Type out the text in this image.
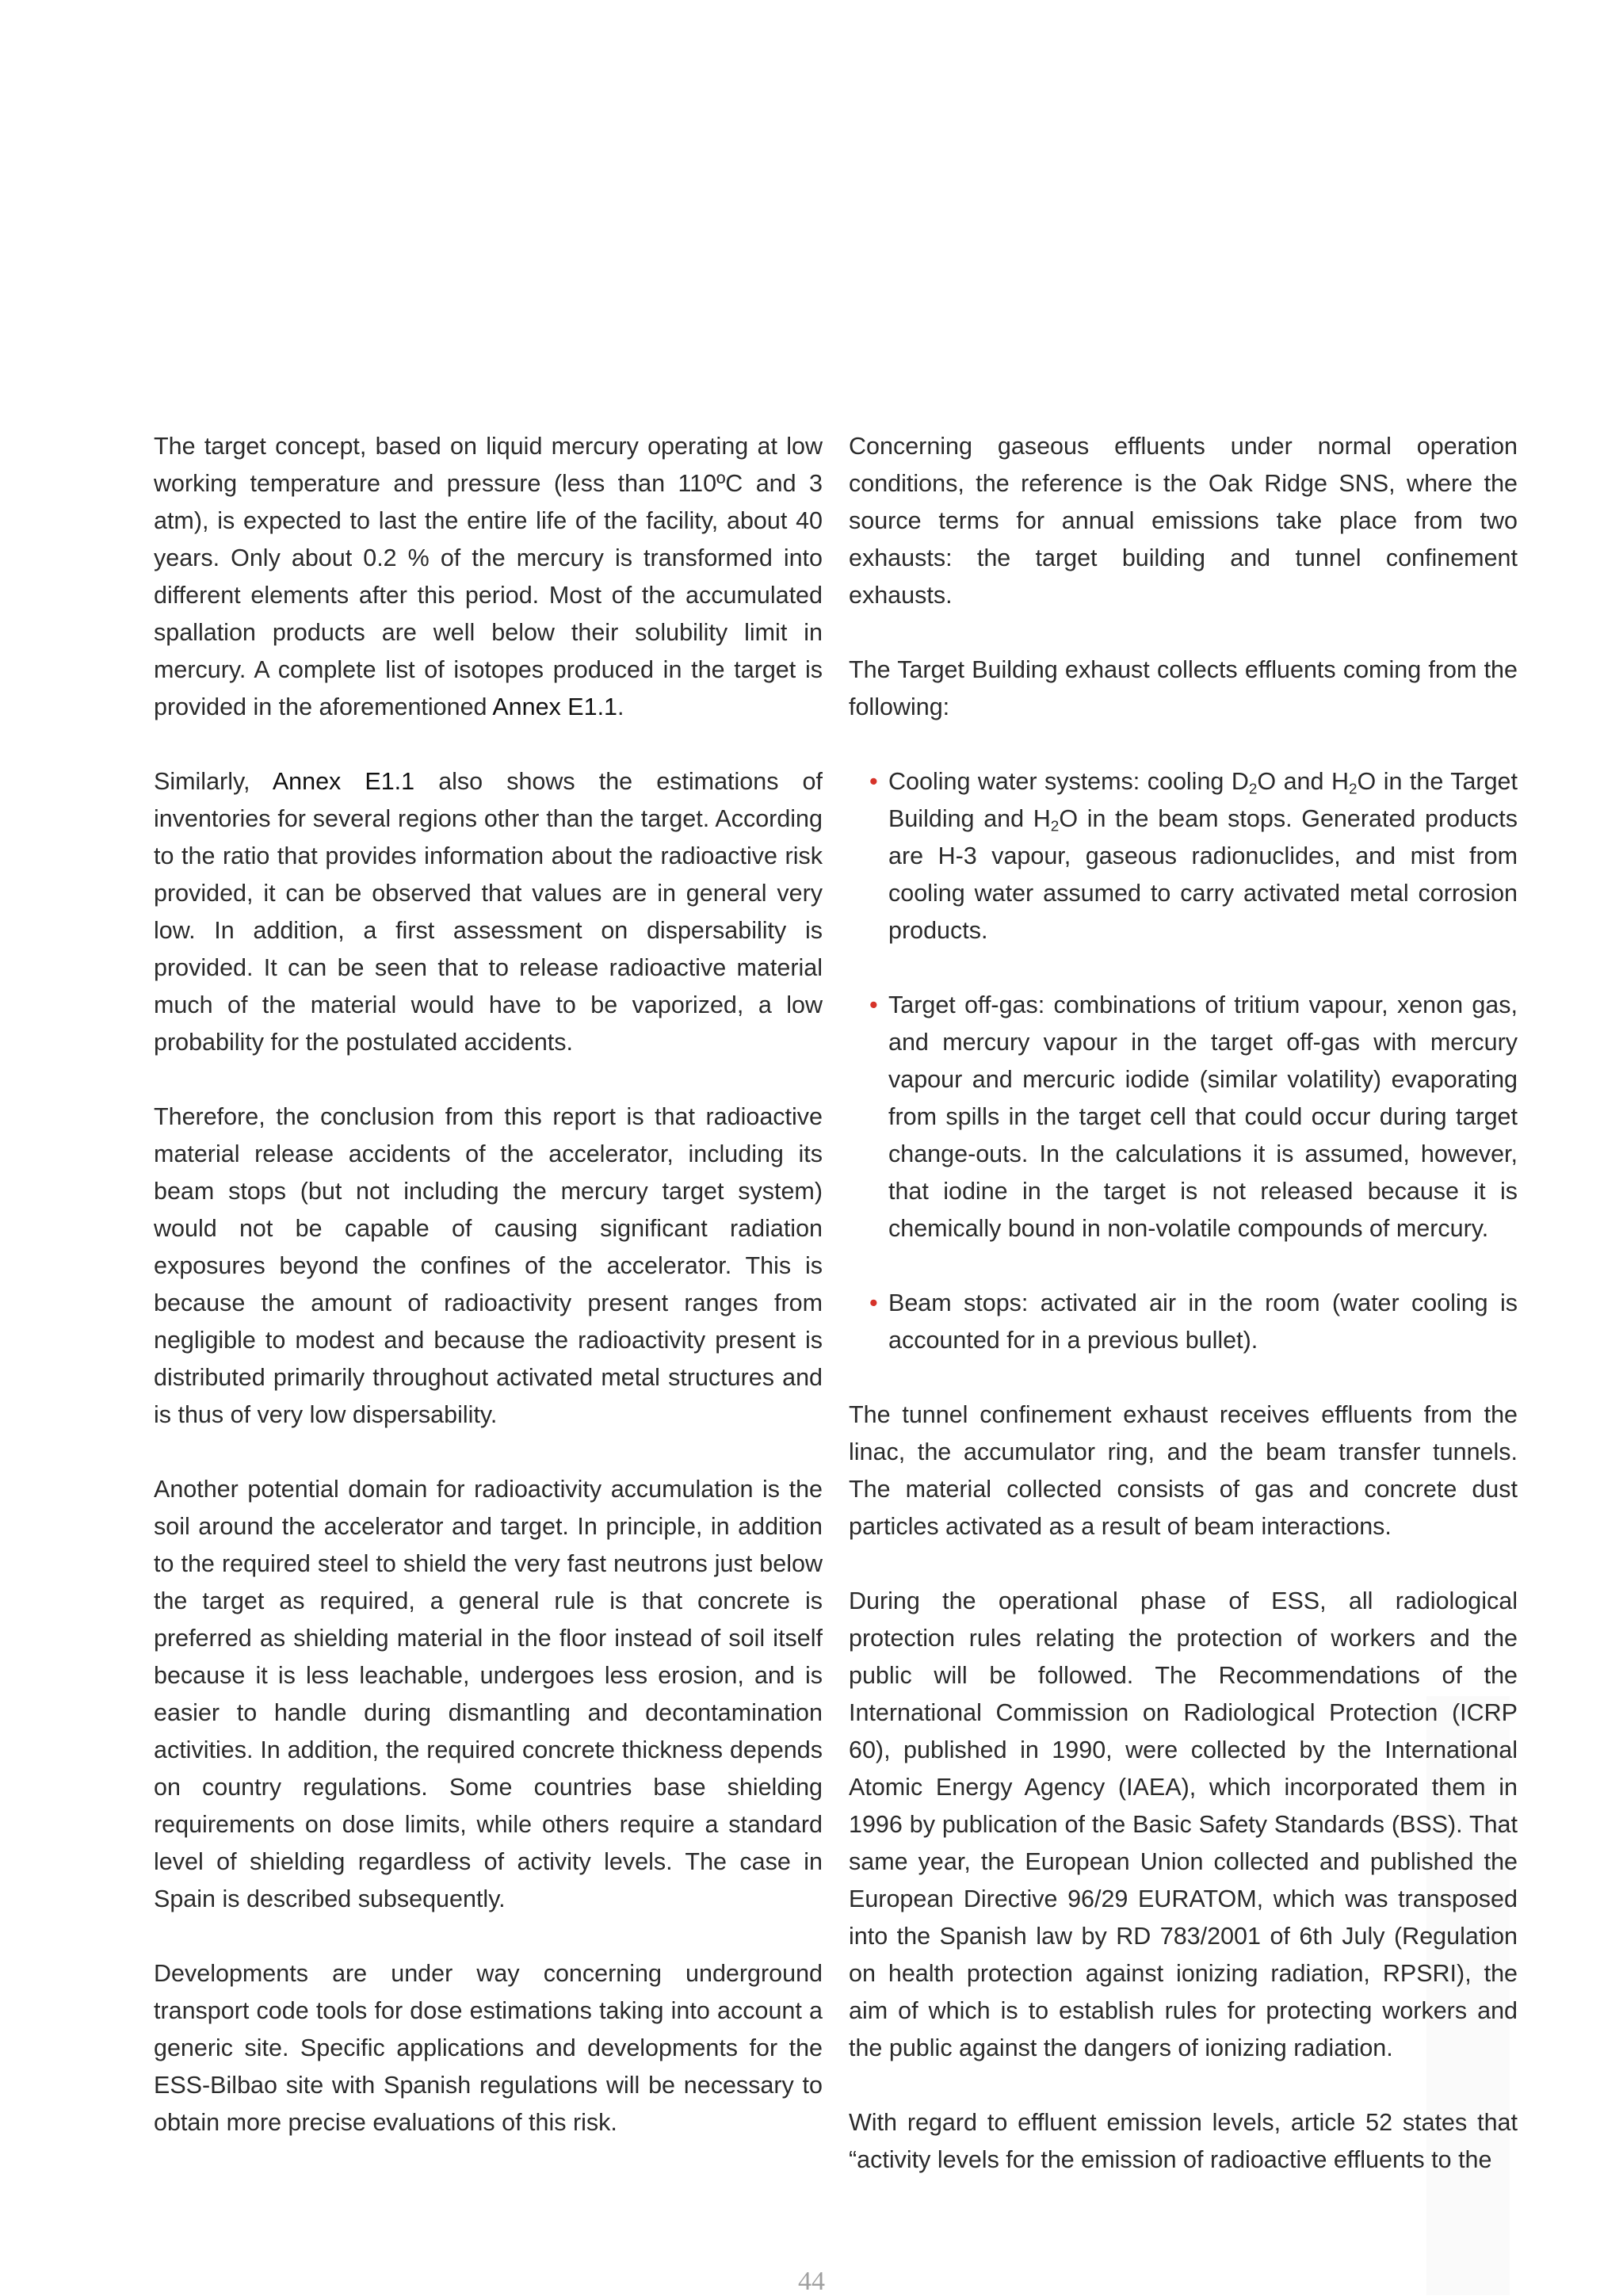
The target concept, based on liquid mercury operating at low working temperature and pressure (less than 110ºC and 3 atm), is expected to last the entire life of the facility, about 40 years. Only about 0.2 % of the mercury is transformed into different elements after this period. Most of the accumulated spallation products are well below their solubility limit in mercury. A complete list of isotopes produced in the target is provided in the aforementioned Annex E1.1.

Similarly, Annex E1.1 also shows the estimations of inventories for several regions other than the target. According to the ratio that provides information about the radioactive risk provided, it can be observed that values are in general very low. In addition, a first assessment on dispersability is provided. It can be seen that to release radioactive material much of the material would have to be vaporized, a low probability for the postulated accidents.

Therefore, the conclusion from this report is that radioactive material release accidents of the accelerator, including its beam stops (but not including the mercury target system) would not be capable of causing significant radiation exposures beyond the confines of the accelerator. This is because the amount of radioactivity present ranges from negligible to modest and because the radioactivity present is distributed primarily throughout activated metal structures and is thus of very low dispersability.

Another potential domain for radioactivity accumulation is the soil around the accelerator and target. In principle, in addition to the required steel to shield the very fast neutrons just below the target as required, a general rule is that concrete is preferred as shielding material in the floor instead of soil itself because it is less leachable, undergoes less erosion, and is easier to handle during dismantling and decontamination activities. In addition, the required concrete thickness depends on country regulations. Some countries base shielding requirements on dose limits, while others require a standard level of shielding regardless of activity levels. The case in Spain is described subsequently.

Developments are under way concerning underground transport code tools for dose estimations taking into account a generic site. Specific applications and developments for the ESS-Bilbao site with Spanish regulations will be necessary to obtain more precise evaluations of this risk.

Concerning gaseous effluents under normal operation conditions, the reference is the Oak Ridge SNS, where the source terms for annual emissions take place from two exhausts: the target building and tunnel confinement exhausts.

The Target Building exhaust collects effluents coming from the following:

• Cooling water systems: cooling $D_2O$ and $H_2O$ in the Target Building and $H_2O$ in the beam stops. Generated products are H-3 vapour, gaseous radionuclides, and mist from cooling water assumed to carry activated metal corrosion products.
• Target off-gas: combinations of tritium vapour, xenon gas, and mercury vapour in the target off-gas with mercury vapour and mercuric iodide (similar volatility) evaporating from spills in the target cell that could occur during target change-outs. In the calculations it is assumed, however, that iodine in the target is not released because it is chemically bound in non-volatile compounds of mercury.
• Beam stops: activated air in the room (water cooling is accounted for in a previous bullet).

The tunnel confinement exhaust receives effluents from the linac, the accumulator ring, and the beam transfer tunnels. The material collected consists of gas and concrete dust particles activated as a result of beam interactions.

During the operational phase of ESS, all radiological protection rules relating the protection of workers and the public will be followed. The Recommendations of the International Commission on Radiological Protection (ICRP 60), published in 1990, were collected by the International Atomic Energy Agency (IAEA), which incorporated them in 1996 by publication of the Basic Safety Standards (BSS). That same year, the European Union collected and published the European Directive 96/29 EURATOM, which was transposed into the Spanish law by RD 783/2001 of 6th July (Regulation on health protection against ionizing radiation, RPSRI), the aim of which is to establish rules for protecting workers and the public against the dangers of ionizing radiation.

With regard to effluent emission levels, article 52 states that “activity levels for the emission of radioactive effluents to the

44
